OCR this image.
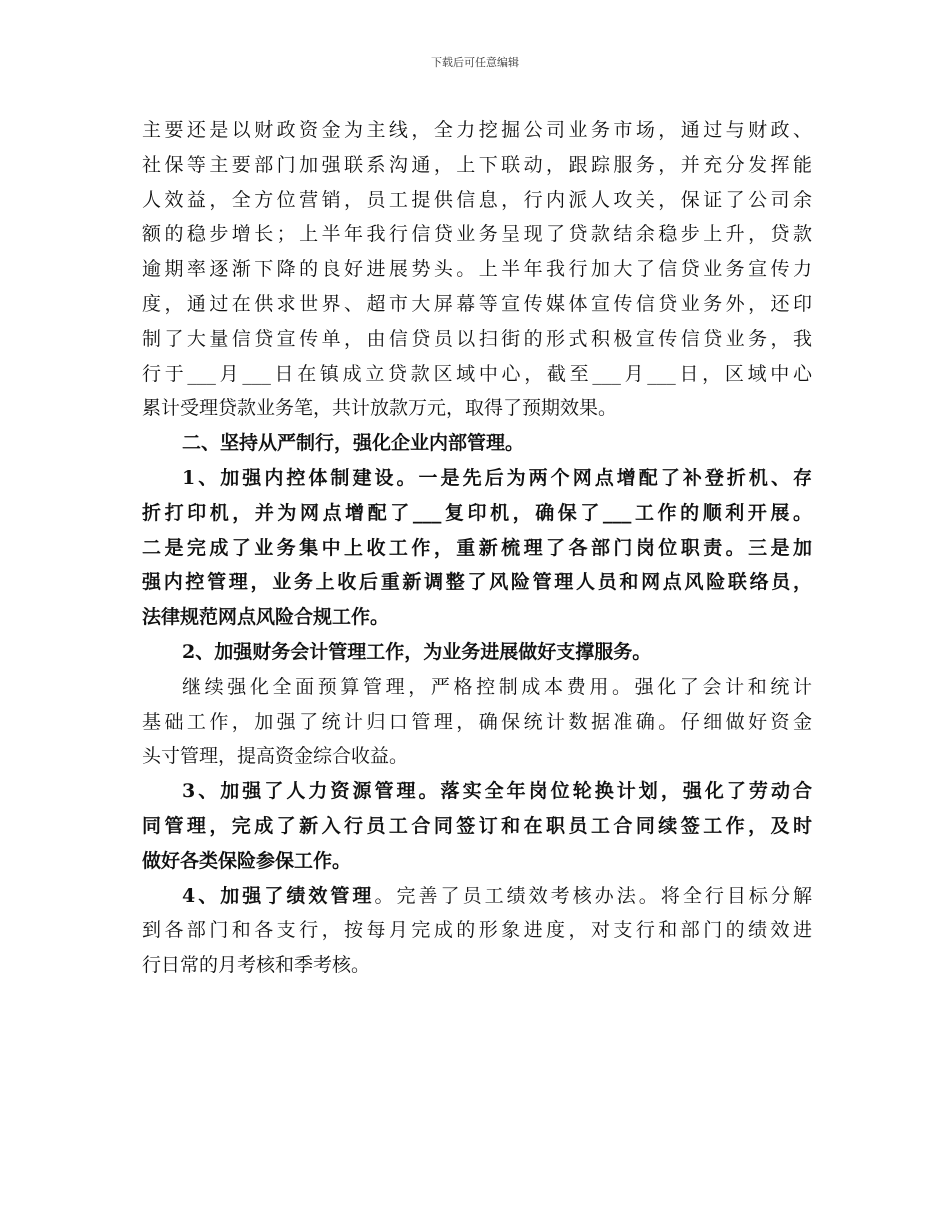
下载后可任意编辑
主要还是以财政资金为主线，全力挖掘公司业务市场，通过与财政、
社保等主要部门加强联系沟通，上下联动，跟踪服务，并充分发挥能
人效益，全方位营销，员工提供信息，行内派人攻关，保证了公司余
额的稳步增长；上半年我行信贷业务呈现了贷款结余稳步上升，贷款
逾期率逐渐下降的良好进展势头。上半年我行加大了信贷业务宣传力
度，通过在供求世界、超市大屏幕等宣传媒体宣传信贷业务外，还印
制了大量信贷宣传单，由信贷员以扫街的形式积极宣传信贷业务，我
行于___月___日在镇成立贷款区域中心，截至___月___日，区域中心
累计受理贷款业务笔，共计放款万元，取得了预期效果。
二、坚持从严制行，强化企业内部管理。
1、加强内控体制建设。一是先后为两个网点增配了补登折机、存
折打印机，并为网点增配了___复印机，确保了___工作的顺利开展。
二是完成了业务集中上收工作，重新梳理了各部门岗位职责。三是加
强内控管理，业务上收后重新调整了风险管理人员和网点风险联络员，
法律规范网点风险合规工作。
2、加强财务会计管理工作，为业务进展做好支撑服务。
继续强化全面预算管理，严格控制成本费用。强化了会计和统计
基础工作，加强了统计归口管理，确保统计数据准确。仔细做好资金
头寸管理，提高资金综合收益。
3、加强了人力资源管理。落实全年岗位轮换计划，强化了劳动合
同管理，完成了新入行员工合同签订和在职员工合同续签工作，及时
做好各类保险参保工作。
4、加强了绩效管理。完善了员工绩效考核办法。将全行目标分解
到各部门和各支行，按每月完成的形象进度，对支行和部门的绩效进
行日常的月考核和季考核。
